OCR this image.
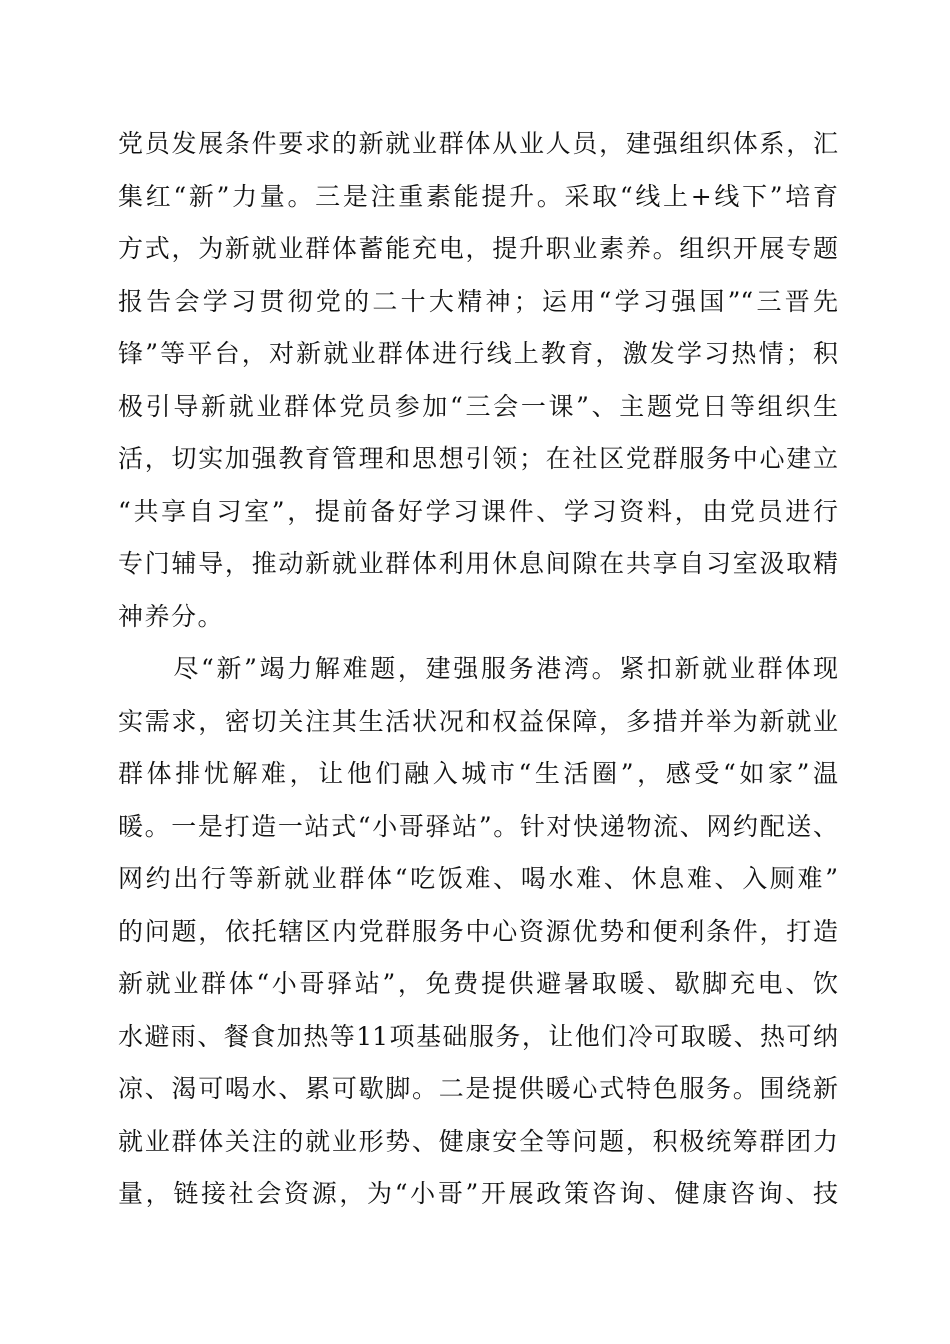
党员发展条件要求的新就业群体从业人员，建强组织体系，汇
集红“新”力量。三是注重素能提升。采取“线上+线下”培育
方式，为新就业群体蓄能充电，提升职业素养。组织开展专题
报告会学习贯彻党的二十大精神；运用“学习强国”“三晋先
锋”等平台，对新就业群体进行线上教育，激发学习热情；积
极引导新就业群体党员参加“三会一课”、主题党日等组织生
活，切实加强教育管理和思想引领；在社区党群服务中心建立
“共享自习室”，提前备好学习课件、学习资料，由党员进行
专门辅导，推动新就业群体利用休息间隙在共享自习室汲取精
神养分。
　　尽“新”竭力解难题，建强服务港湾。紧扣新就业群体现
实需求，密切关注其生活状况和权益保障，多措并举为新就业
群体排忧解难，让他们融入城市“生活圈”，感受“如家”温
暖。一是打造一站式“小哥驿站”。针对快递物流、网约配送、
网约出行等新就业群体“吃饭难、喝水难、休息难、入厕难”
的问题，依托辖区内党群服务中心资源优势和便利条件，打造
新就业群体“小哥驿站”，免费提供避暑取暖、歇脚充电、饮
水避雨、餐食加热等11项基础服务，让他们冷可取暖、热可纳
凉、渴可喝水、累可歇脚。二是提供暖心式特色服务。围绕新
就业群体关注的就业形势、健康安全等问题，积极统筹群团力
量，链接社会资源，为“小哥”开展政策咨询、健康咨询、技
